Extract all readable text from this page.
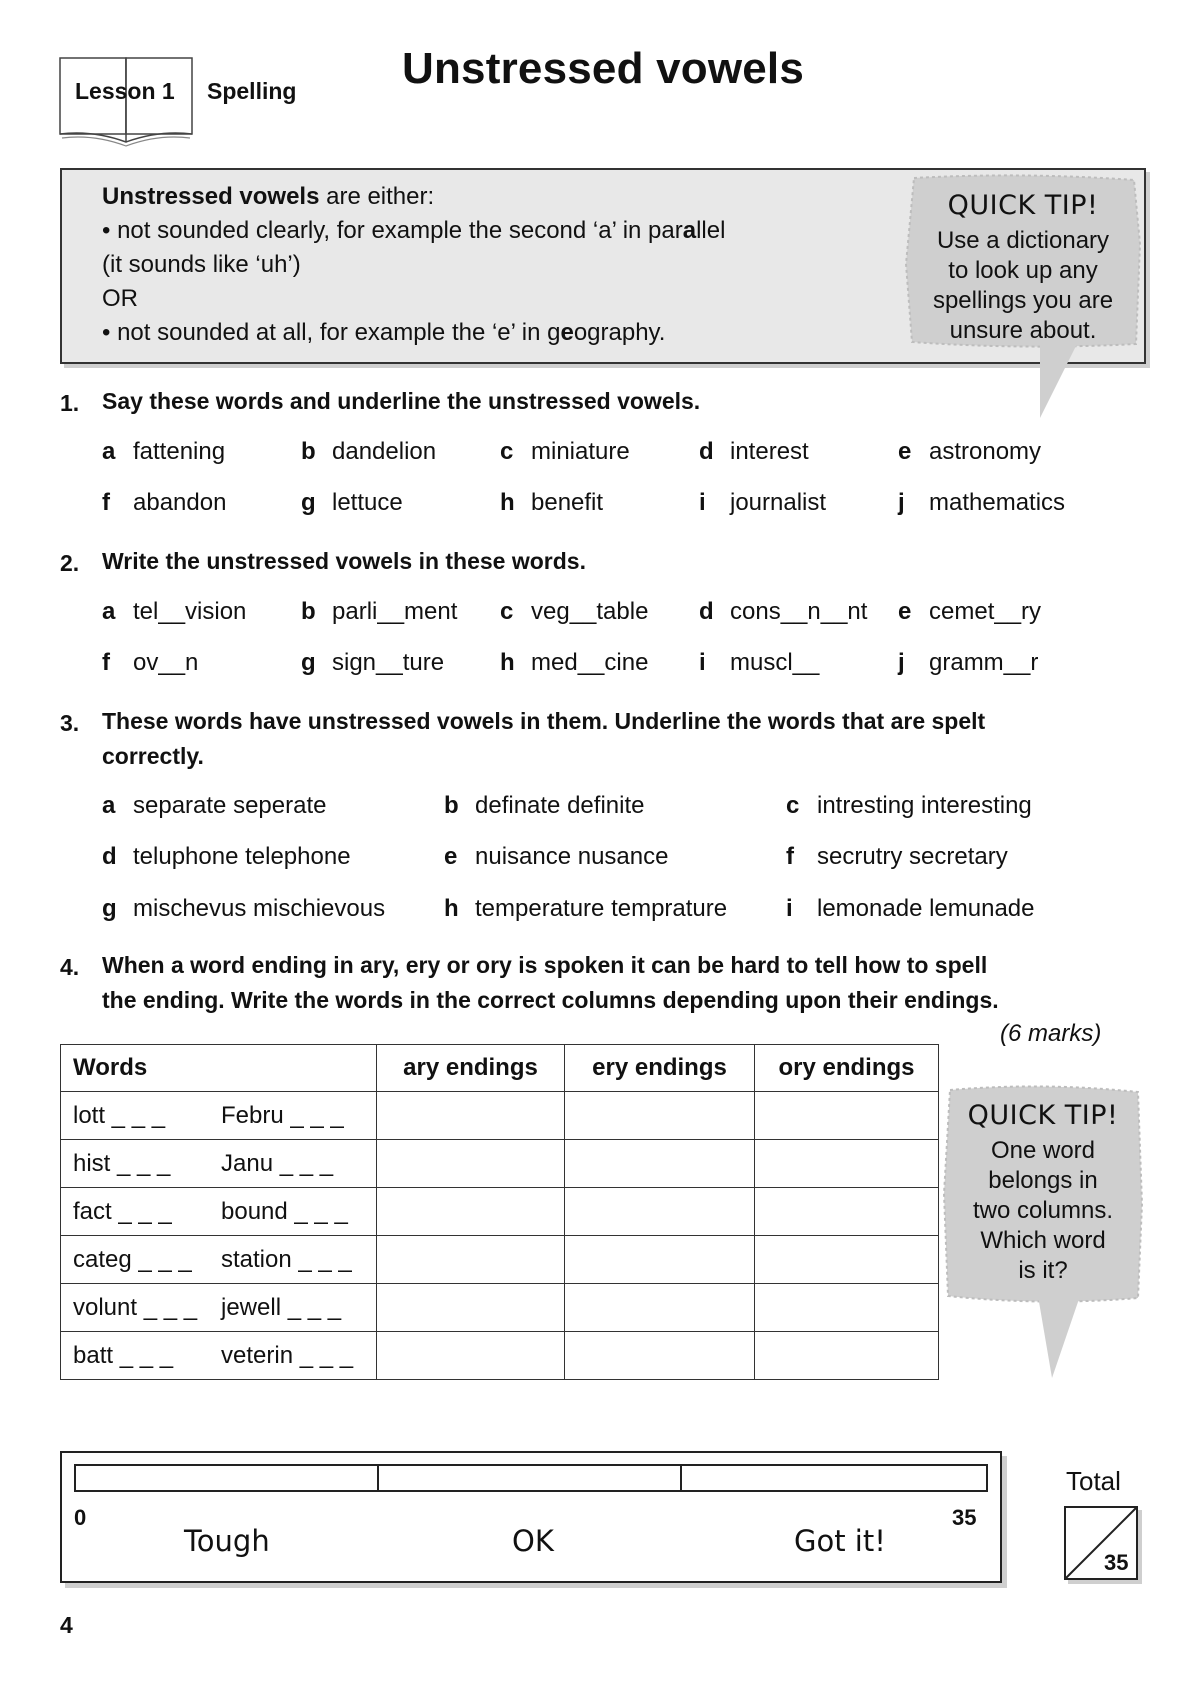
Lesson 1 Spelling Unstressed vowels
Unstressed vowels are either:
• not sounded clearly, for example the second ‘a’ in parallel
(it sounds like ‘uh’)
OR
• not sounded at all, for example the ‘e’ in geography.
QUICK TIP!
Use a dictionary
to look up any
spellings you are
unsure about.
1. Say these words and underline the unstressed vowels.
a fattening	b dandelion	c miniature	d interest	e astronomy
f abandon	g lettuce	h benefit	i journalist	j mathematics
2. Write the unstressed vowels in these words.
a tel__vision b parli__ment c veg__table d cons__n__nt e cemet__ry
f ov__n	g sign__ture h med__cine i muscl__	j gramm__r
3. These words have unstressed vowels in them. Underline the words that are spelt
correctly.
a separate seperate	b definate definite	c intresting interesting
d teluphone telephone	e nuisance nusance	f secrutry secretary
g mischevus mischievous h temperature temprature i lemonade lemunade
4. When a word ending in ary, ery or ory is spoken it can be hard to tell how to spell
the ending. Write the words in the correct columns depending upon their endings.
(6 marks)
Words	ary endings	ery endings	ory endings
lott _ _ _ Febru _ _ _			
hist _ _ _ Janu _ _ _			
fact _ _ _ bound _ _ _			
categ _ _ _ station _ _ _			
volunt _ _ _ jewell _ _ _			
batt _ _ _ veterin _ _ _			
QUICK TIP!
One word
belongs in
two columns.
Which word
is it?
0	35
Tough	OK	Got it!
Total
35
4
